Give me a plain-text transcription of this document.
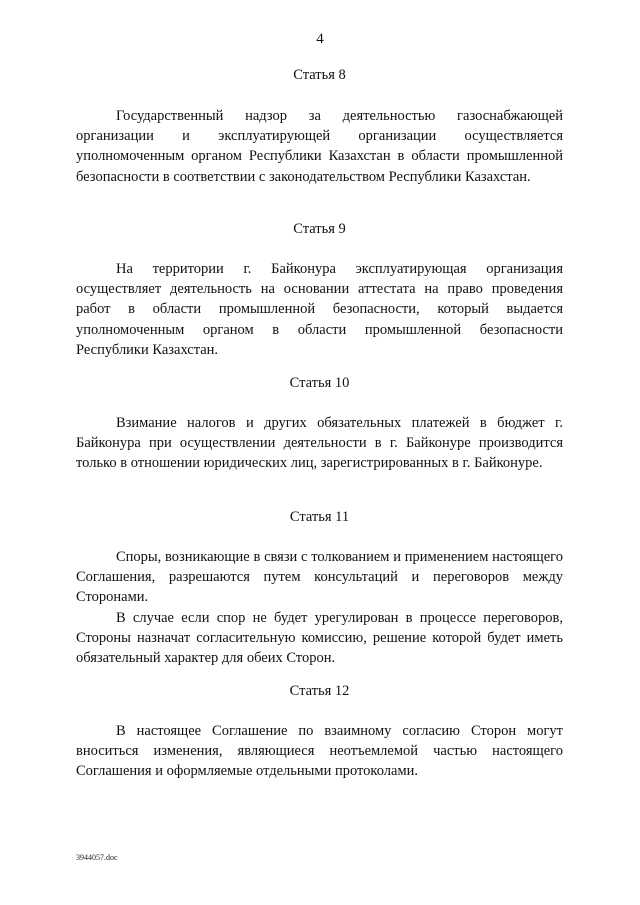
4
Статья 8

Государственный надзор за деятельностью газоснабжающей организации и эксплуатирующей организации осуществляется уполномоченным органом Республики Казахстан в области промышленной безопасности в соответствии с законодательством Республики Казахстан.

Статья 9

На территории г. Байконура эксплуатирующая организация осуществляет деятельность на основании аттестата на право проведения работ в области промышленной безопасности, который выдается уполномоченным органом в области промышленной безопасности Республики Казахстан.

Статья 10

Взимание налогов и других обязательных платежей в бюджет г. Байконура при осуществлении деятельности в г. Байконуре производится только в отношении юридических лиц, зарегистрированных в г. Байконуре.

Статья 11

Споры, возникающие в связи с толкованием и применением настоящего Соглашения, разрешаются путем консультаций и переговоров между Сторонами.

В случае если спор не будет урегулирован в процессе переговоров, Стороны назначат согласительную комиссию, решение которой будет иметь обязательный характер для обеих Сторон.

Статья 12

В настоящее Соглашение по взаимному согласию Сторон могут вноситься изменения, являющиеся неотъемлемой частью настоящего Соглашения и оформляемые отдельными протоколами.

3944057.doc
